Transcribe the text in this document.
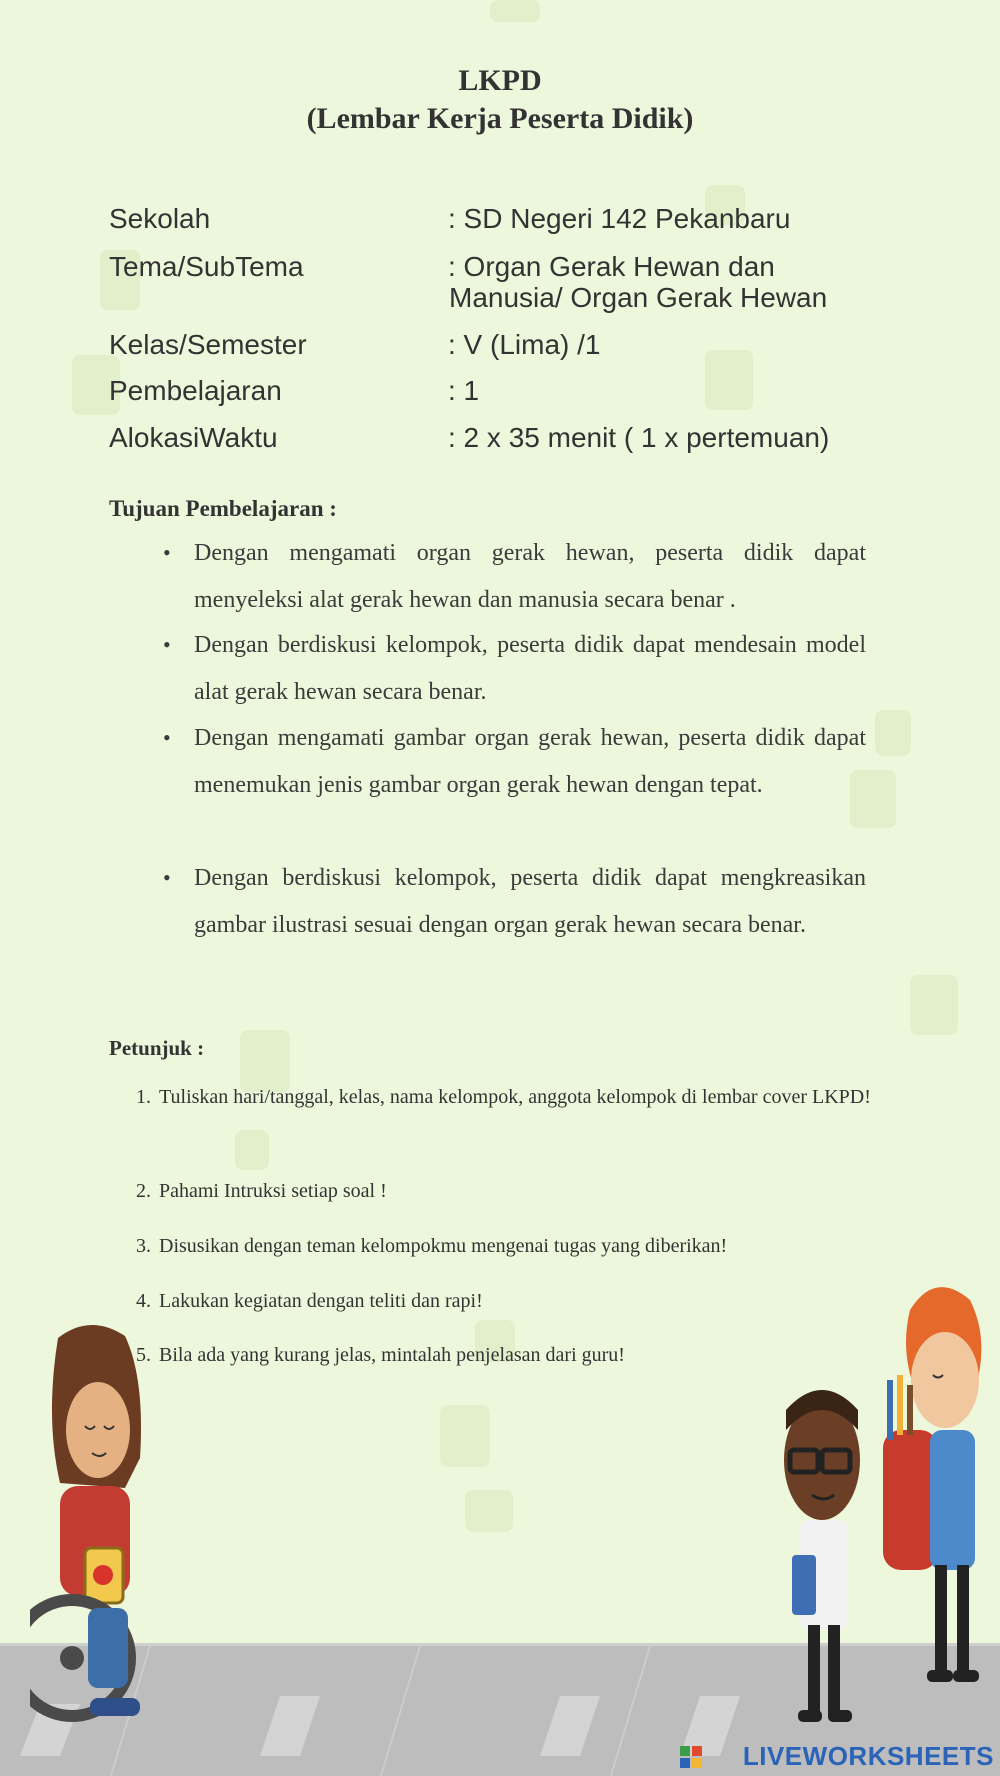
LKPD
(Lembar Kerja Peserta Didik)
Sekolah	: SD Negeri 142 Pekanbaru
Tema/SubTema	: Organ Gerak Hewan dan
Manusia/ Organ Gerak Hewan
Kelas/Semester	: V (Lima) /1
Pembelajaran	: 1
AlokasiWaktu	: 2 x 35 menit ( 1 x pertemuan)
Tujuan Pembelajaran :
• Dengan mengamati organ gerak hewan, peserta didik dapat menyeleksi alat gerak hewan dan manusia secara benar .
• Dengan berdiskusi kelompok, peserta didik dapat mendesain model alat gerak hewan secara benar.
• Dengan mengamati gambar organ gerak hewan, peserta didik dapat menemukan jenis gambar organ gerak hewan dengan tepat.
• Dengan berdiskusi kelompok, peserta didik dapat mengkreasikan gambar ilustrasi sesuai dengan organ gerak hewan secara benar.
Petunjuk :
1. Tuliskan hari/tanggal, kelas, nama kelompok, anggota kelompok di lembar cover LKPD!
2. Pahami Intruksi setiap soal !
3. Disusikan dengan teman kelompokmu mengenai tugas yang diberikan!
4. Lakukan kegiatan dengan teliti dan rapi!
5. Bila ada yang kurang jelas, mintalah penjelasan dari guru!
LIVEWORKSHEETS
